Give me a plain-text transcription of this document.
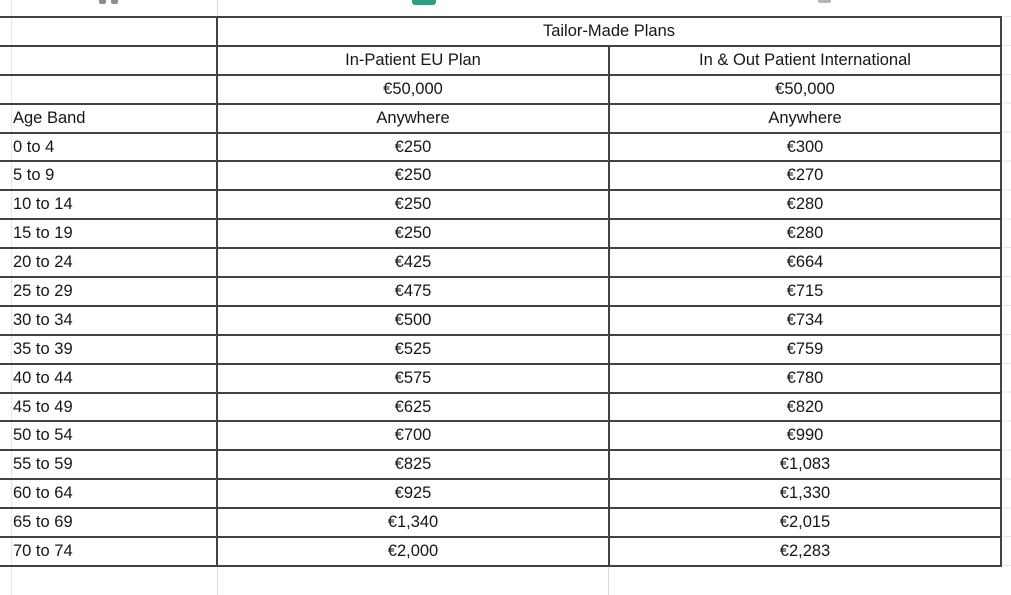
	Tailor-Made Plans	
	In-Patient EU Plan	In & Out Patient International
	€50,000	€50,000
Age Band	Anywhere	Anywhere
0 to 4	€250	€300
5 to 9	€250	€270
10 to 14	€250	€280
15 to 19	€250	€280
20 to 24	€425	€664
25 to 29	€475	€715
30 to 34	€500	€734
35 to 39	€525	€759
40 to 44	€575	€780
45 to 49	€625	€820
50 to 54	€700	€990
55 to 59	€825	€1,083
60 to 64	€925	€1,330
65 to 69	€1,340	€2,015
70 to 74	€2,000	€2,283
